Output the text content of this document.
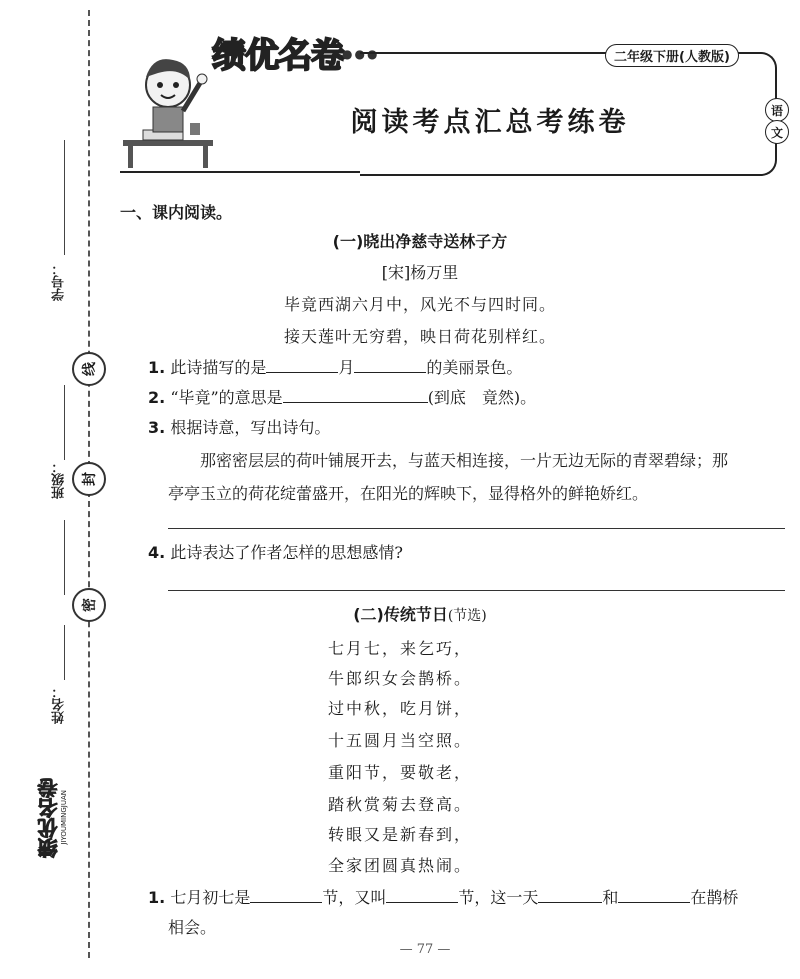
学号：
线
班级： 封
密
姓名：
绩优名卷 JIYOUMINGJUAN
绩优名卷
●●●	二年级下册(人教版)
阅读考点汇总考练卷	语
文
一、课内阅读。
(一)晓出净慈寺送林子方
[宋]杨万里
毕竟西湖六月中，风光不与四时同。
接天莲叶无穷碧，映日荷花别样红。
1. 此诗描写的是	月	的美丽景色。
2. “毕竟”的意思是	(到底　竟然)。
3. 根据诗意，写出诗句。
那密密层层的荷叶铺展开去，与蓝天相连接，一片无边无际的青翠碧绿；那
亭亭玉立的荷花绽蕾盛开，在阳光的辉映下，显得格外的鲜艳娇红。
4. 此诗表达了作者怎样的思想感情?
(二)传统节日(节选)
七月七，来乞巧，
牛郎织女会鹊桥。
过中秋，吃月饼，
十五圆月当空照。
重阳节，要敬老，
踏秋赏菊去登高。
转眼又是新春到，
全家团圆真热闹。
1. 七月初七是	节，又叫	节，这一天	和	在鹊桥
相会。
— 77 —
